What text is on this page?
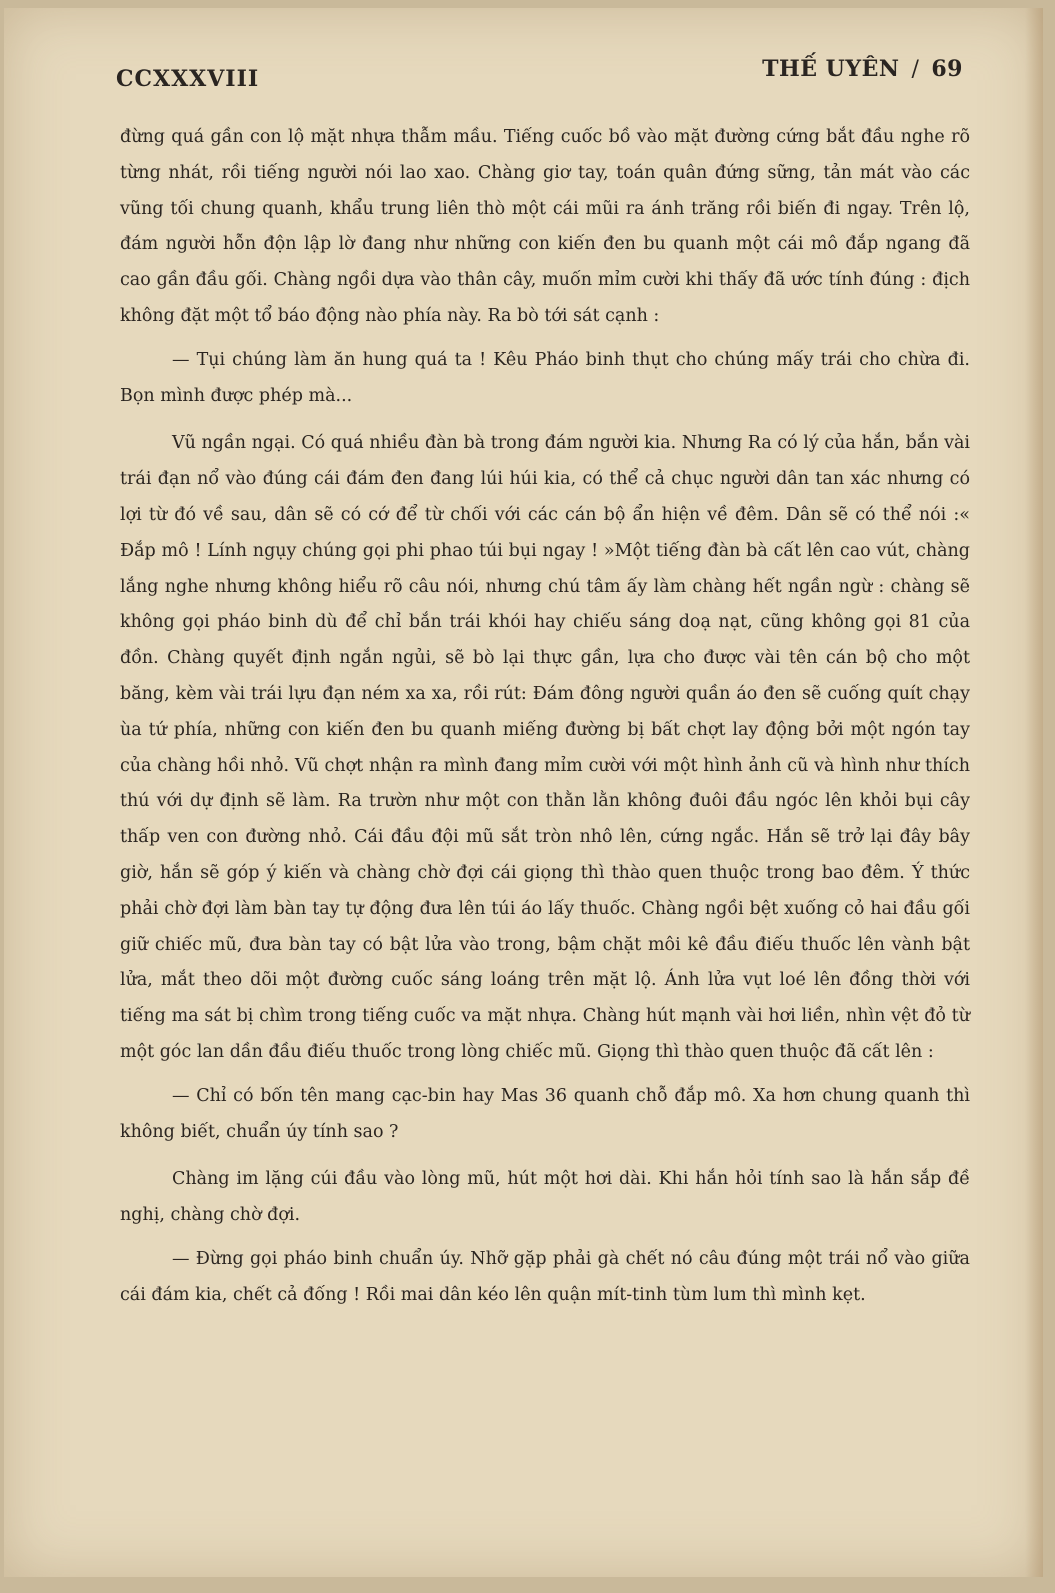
CCXXXVIII	THẾ UYÊN / 69

đừng quá gần con lộ mặt nhựa thẫm mầu. Tiếng cuốc bồ vào mặt đường cứng bắt đầu nghe rõ từng nhát, rồi tiếng người nói lao xao. Chàng giơ tay, toán quân đứng sững, tản mát vào các vũng tối chung quanh, khẩu trung liên thò một cái mũi ra ánh trăng rồi biến đi ngay. Trên lộ, đám người hỗn độn lập lờ đang như những con kiến đen bu quanh một cái mô đắp ngang đã cao gần đầu gối. Chàng ngồi dựa vào thân cây, muốn mỉm cười khi thấy đã ước tính đúng : địch không đặt một tổ báo động nào phía này. Ra bò tới sát cạnh :

— Tụi chúng làm ăn hung quá ta ! Kêu Pháo binh thụt cho chúng mấy trái cho chừa đi. Bọn mình được phép mà...

Vũ ngần ngại. Có quá nhiều đàn bà trong đám người kia. Nhưng Ra có lý của hắn, bắn vài trái đạn nổ vào đúng cái đám đen đang lúi húi kia, có thể cả chục người dân tan xác nhưng có lợi từ đó về sau, dân sẽ có cớ để từ chối với các cán bộ ẩn hiện về đêm. Dân sẽ có thể nói :« Đắp mô ! Lính ngụy chúng gọi phi phao túi bụi ngay ! »Một tiếng đàn bà cất lên cao vút, chàng lắng nghe nhưng không hiểu rõ câu nói, nhưng chú tâm ấy làm chàng hết ngần ngừ : chàng sẽ không gọi pháo binh dù để chỉ bắn trái khói hay chiếu sáng doạ nạt, cũng không gọi 81 của đồn. Chàng quyết định ngắn ngủi, sẽ bò lại thực gần, lựa cho được vài tên cán bộ cho một băng, kèm vài trái lựu đạn ném xa xa, rồi rút: Đám đông người quần áo đen sẽ cuống quít chạy ùa tứ phía, những con kiến đen bu quanh miếng đường bị bất chợt lay động bởi một ngón tay của chàng hồi nhỏ. Vũ chợt nhận ra mình đang mỉm cười với một hình ảnh cũ và hình như thích thú với dự định sẽ làm. Ra trườn như một con thằn lằn không đuôi đầu ngóc lên khỏi bụi cây thấp ven con đường nhỏ. Cái đầu đội mũ sắt tròn nhô lên, cứng ngắc. Hắn sẽ trở lại đây bây giờ, hắn sẽ góp ý kiến và chàng chờ đợi cái giọng thì thào quen thuộc trong bao đêm. Ý thức phải chờ đợi làm bàn tay tự động đưa lên túi áo lấy thuốc. Chàng ngồi bệt xuống cỏ hai đầu gối giữ chiếc mũ, đưa bàn tay có bật lửa vào trong, bậm chặt môi kê đầu điếu thuốc lên vành bật lửa, mắt theo dõi một đường cuốc sáng loáng trên mặt lộ. Ánh lửa vụt loé lên đồng thời với tiếng ma sát bị chìm trong tiếng cuốc va mặt nhựa. Chàng hút mạnh vài hơi liền, nhìn vệt đỏ từ một góc lan dần đầu điếu thuốc trong lòng chiếc mũ. Giọng thì thào quen thuộc đã cất lên :

— Chỉ có bốn tên mang cạc-bin hay Mas 36 quanh chỗ đắp mô. Xa hơn chung quanh thì không biết, chuẩn úy tính sao ?

Chàng im lặng cúi đầu vào lòng mũ, hút một hơi dài. Khi hắn hỏi tính sao là hắn sắp đề nghị, chàng chờ đợi.

— Đừng gọi pháo binh chuẩn úy. Nhỡ gặp phải gà chết nó câu đúng một trái nổ vào giữa cái đám kia, chết cả đống ! Rồi mai dân kéo lên quận mít-tinh tùm lum thì mình kẹt.
